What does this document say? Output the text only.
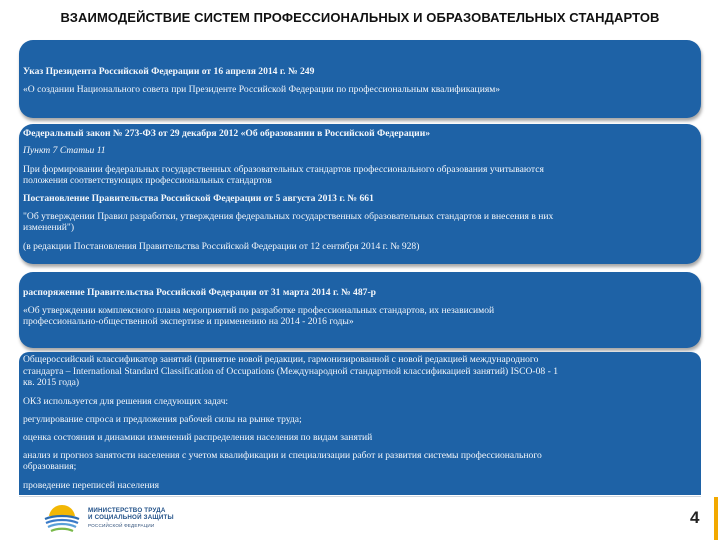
ВЗАИМОДЕЙСТВИЕ СИСТЕМ ПРОФЕССИОНАЛЬНЫХ И ОБРАЗОВАТЕЛЬНЫХ СТАНДАРТОВ
Указ Президента Российской Федерации от 16 апреля 2014 г. № 249
«О создании Национального совета при Президенте Российской Федерации по профессиональным квалификациям»
Федеральный закон № 273-ФЗ от 29 декабря 2012 «Об образовании в Российской Федерации»
Пункт 7 Статьи 11
При формировании федеральных государственных образовательных стандартов профессионального образования учитываются
положения соответствующих профессиональных стандартов
Постановление Правительства Российской Федерации от 5 августа 2013 г. № 661
"Об утверждении Правил разработки, утверждения федеральных государственных образовательных стандартов и внесения в них
изменений")
(в редакции Постановления Правительства Российской Федерации от 12 сентября 2014 г. № 928)
распоряжение Правительства Российской Федерации от 31 марта 2014 г. № 487-р
«Об утверждении комплексного плана мероприятий по разработке профессиональных стандартов, их независимой
профессионально-общественной экспертизе и применению на 2014 - 2016 годы»
Общероссийский классификатор занятий (принятие новой редакции, гармонизированной с новой редакцией международного
стандарта – International Standard Classification of Occupations (Международной стандартной классификацией занятий) ISCO-08 - 1
кв. 2015 года)
ОКЗ используется для решения следующих задач:
регулирование спроса и предложения рабочей силы на рынке труда;
оценка состояния и динамики изменений распределения населения по видам занятий
анализ и прогноз занятости населения с учетом квалификации и специализации работ и развития системы профессионального
образования;
проведение переписей населения
МИНИСТЕРСТВО ТРУДА
И СОЦИАЛЬНОЙ ЗАЩИТЫ
РОССИЙСКОЙ ФЕДЕРАЦИИ	4
